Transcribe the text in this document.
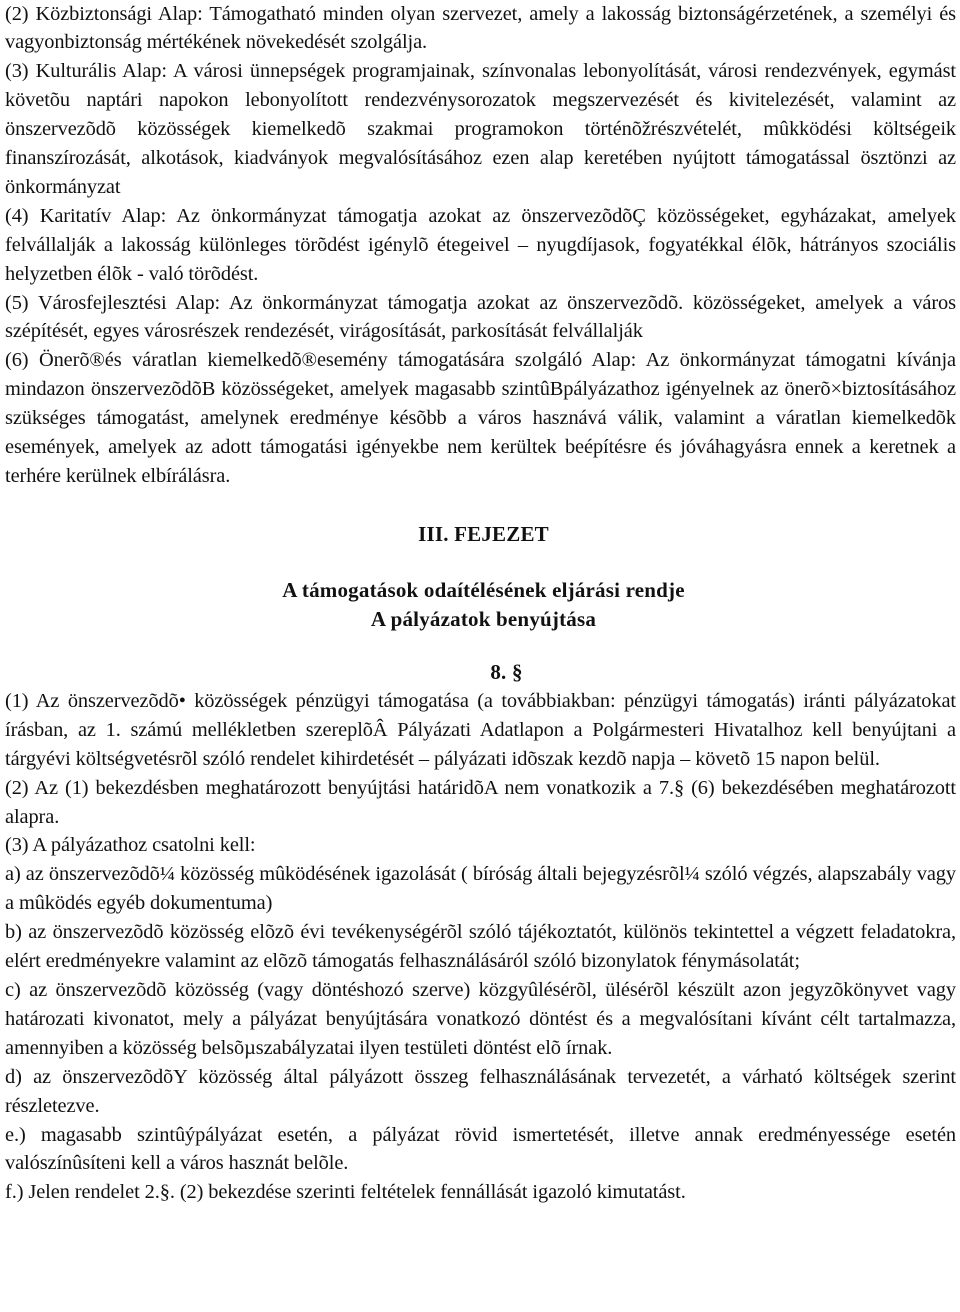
(2) Közbiztonsági Alap: Támogatható minden olyan szervezet, amely a lakosság biztonságérzetének, a személyi és vagyonbiztonság mértékének növekedését szolgálja.

(3) Kulturális Alap: A városi ünnepségek programjainak, színvonalas lebonyolítását, városi rendezvények, egymást követõu naptári napokon lebonyolított rendezvénysorozatok megszervezését és kivitelezését, valamint az önszervezõdõ közösségek kiemelkedõ szakmai programokon történõžrészvételét, mûkködési költségeik finanszírozását, alkotások, kiadványok megvalósításához ezen alap keretében nyújtott támogatással ösztönzi az önkormányzat

(4) Karitatív Alap: Az önkormányzat támogatja azokat az önszervezõdõÇ közösségeket, egyházakat, amelyek felvállalják a lakosság különleges törõdést igénylõ étegeivel – nyugdíjasok, fogyatékkal élõk, hátrányos szociális helyzetben élõk - való törõdést.

(5) Városfejlesztési Alap: Az önkormányzat támogatja azokat az önszervezõdõ. közösségeket, amelyek a város szépítését, egyes városrészek rendezését, virágosítását, parkosítását felvállalják

(6) Önerõ®és váratlan kiemelkedõ®esemény támogatására szolgáló Alap: Az önkormányzat támogatni kívánja mindazon önszervezõdõB közösségeket, amelyek magasabb szintûBpályázathoz igényelnek az önerõ×biztosításához szükséges támogatást, amelynek eredménye késõbb a város hasznává válik, valamint a váratlan kiemelkedõk események, amelyek az adott támogatási igényekbe nem kerültek beépítésre és jóváhagyásra ennek a keretnek a terhére kerülnek elbírálásra.

III. FEJEZET
A támogatások odaítélésének eljárási rendje
A pályázatok benyújtása
8. §

(1) Az önszervezõdõ• közösségek pénzügyi támogatása (a továbbiakban: pénzügyi támogatás) iránti pályázatokat írásban, az 1. számú mellékletben szereplõÂ Pályázati Adatlapon a Polgármesteri Hivatalhoz kell benyújtani a tárgyévi költségvetésrõl szóló rendelet kihirdetését – pályázati idõszak kezdõ napja – követõ 15 napon belül.

(2) Az (1) bekezdésben meghatározott benyújtási határidõA nem vonatkozik a 7.§ (6) bekezdésében meghatározott alapra.

(3) A pályázathoz csatolni kell:

a) az önszervezõdõ¼ közösség mûködésének igazolását ( bíróság általi bejegyzésrõl¼ szóló végzés, alapszabály vagy a mûködés egyéb dokumentuma)

b) az önszervezõdõ közösség elõzõ évi tevékenységérõl szóló tájékoztatót, különös tekintettel a végzett feladatokra, elért eredményekre valamint az elõzõ támogatás felhasználásáról szóló bizonylatok fénymásolatát;

c) az önszervezõdõ közösség (vagy döntéshozó szerve) közgyûlésérõl, ülésérõl készült azon jegyzõkönyvet vagy határozati kivonatot, mely a pályázat benyújtására vonatkozó döntést és a megvalósítani kívánt célt tartalmazza, amennyiben a közösség belsõµszabályzatai ilyen testületi döntést elõ írnak.

d) az önszervezõdõY közösség által pályázott összeg felhasználásának tervezetét, a várható költségek szerint részletezve.

e.) magasabb szintûýpályázat esetén, a pályázat rövid ismertetését, illetve annak eredményessége esetén valószínûsíteni kell a város hasznát belõle.

f.) Jelen rendelet 2.§. (2) bekezdése szerinti feltételek fennállását igazoló kimutatást.
